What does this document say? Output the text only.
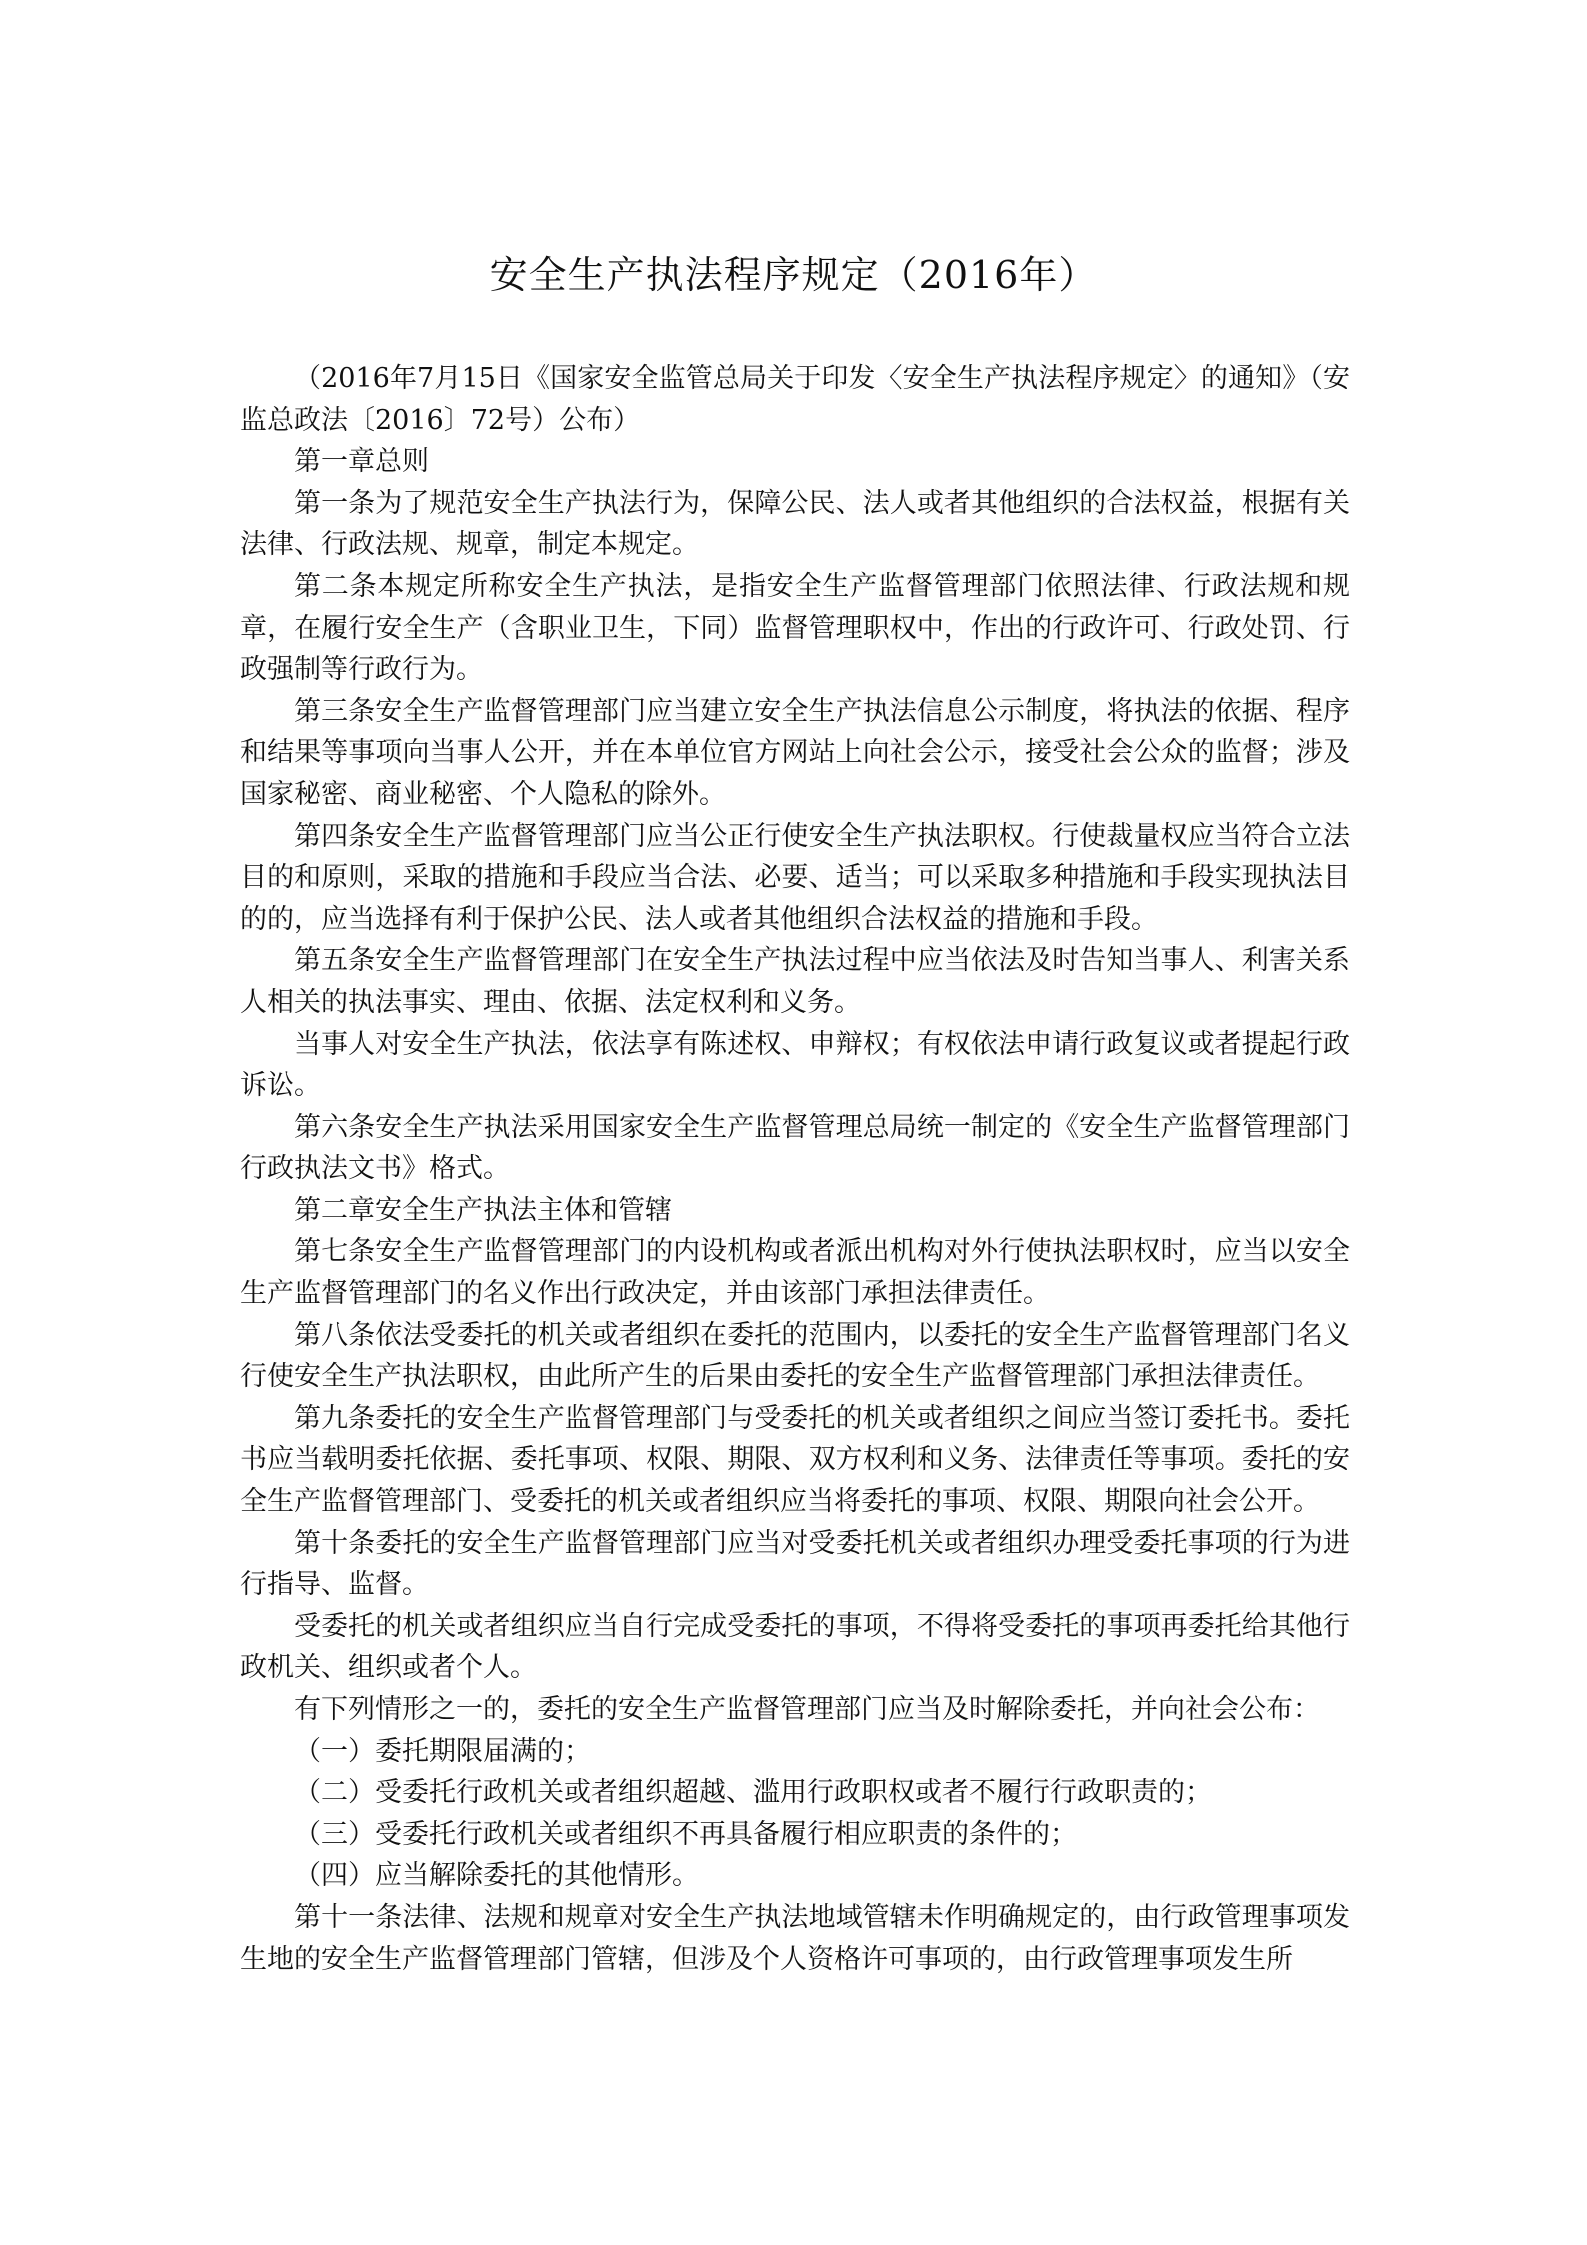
安全生产执法程序规定（2016年）

（2016年7月15日《国家安全监管总局关于印发〈安全生产执法程序规定〉的通知》（安监总政法〔2016〕72号）公布）

第一章总则

第一条为了规范安全生产执法行为，保障公民、法人或者其他组织的合法权益，根据有关法律、行政法规、规章，制定本规定。

第二条本规定所称安全生产执法，是指安全生产监督管理部门依照法律、行政法规和规章，在履行安全生产（含职业卫生，下同）监督管理职权中，作出的行政许可、行政处罚、行政强制等行政行为。

第三条安全生产监督管理部门应当建立安全生产执法信息公示制度，将执法的依据、程序和结果等事项向当事人公开，并在本单位官方网站上向社会公示，接受社会公众的监督；涉及国家秘密、商业秘密、个人隐私的除外。

第四条安全生产监督管理部门应当公正行使安全生产执法职权。行使裁量权应当符合立法目的和原则，采取的措施和手段应当合法、必要、适当；可以采取多种措施和手段实现执法目的的，应当选择有利于保护公民、法人或者其他组织合法权益的措施和手段。

第五条安全生产监督管理部门在安全生产执法过程中应当依法及时告知当事人、利害关系人相关的执法事实、理由、依据、法定权利和义务。

当事人对安全生产执法，依法享有陈述权、申辩权；有权依法申请行政复议或者提起行政诉讼。

第六条安全生产执法采用国家安全生产监督管理总局统一制定的《安全生产监督管理部门行政执法文书》格式。

第二章安全生产执法主体和管辖

第七条安全生产监督管理部门的内设机构或者派出机构对外行使执法职权时，应当以安全生产监督管理部门的名义作出行政决定，并由该部门承担法律责任。

第八条依法受委托的机关或者组织在委托的范围内，以委托的安全生产监督管理部门名义行使安全生产执法职权，由此所产生的后果由委托的安全生产监督管理部门承担法律责任。

第九条委托的安全生产监督管理部门与受委托的机关或者组织之间应当签订委托书。委托书应当载明委托依据、委托事项、权限、期限、双方权利和义务、法律责任等事项。委托的安全生产监督管理部门、受委托的机关或者组织应当将委托的事项、权限、期限向社会公开。

第十条委托的安全生产监督管理部门应当对受委托机关或者组织办理受委托事项的行为进行指导、监督。

受委托的机关或者组织应当自行完成受委托的事项，不得将受委托的事项再委托给其他行政机关、组织或者个人。

有下列情形之一的，委托的安全生产监督管理部门应当及时解除委托，并向社会公布：

（一）委托期限届满的；

（二）受委托行政机关或者组织超越、滥用行政职权或者不履行行政职责的；

（三）受委托行政机关或者组织不再具备履行相应职责的条件的；

（四）应当解除委托的其他情形。

第十一条法律、法规和规章对安全生产执法地域管辖未作明确规定的，由行政管理事项发生地的安全生产监督管理部门管辖，但涉及个人资格许可事项的，由行政管理事项发生所
